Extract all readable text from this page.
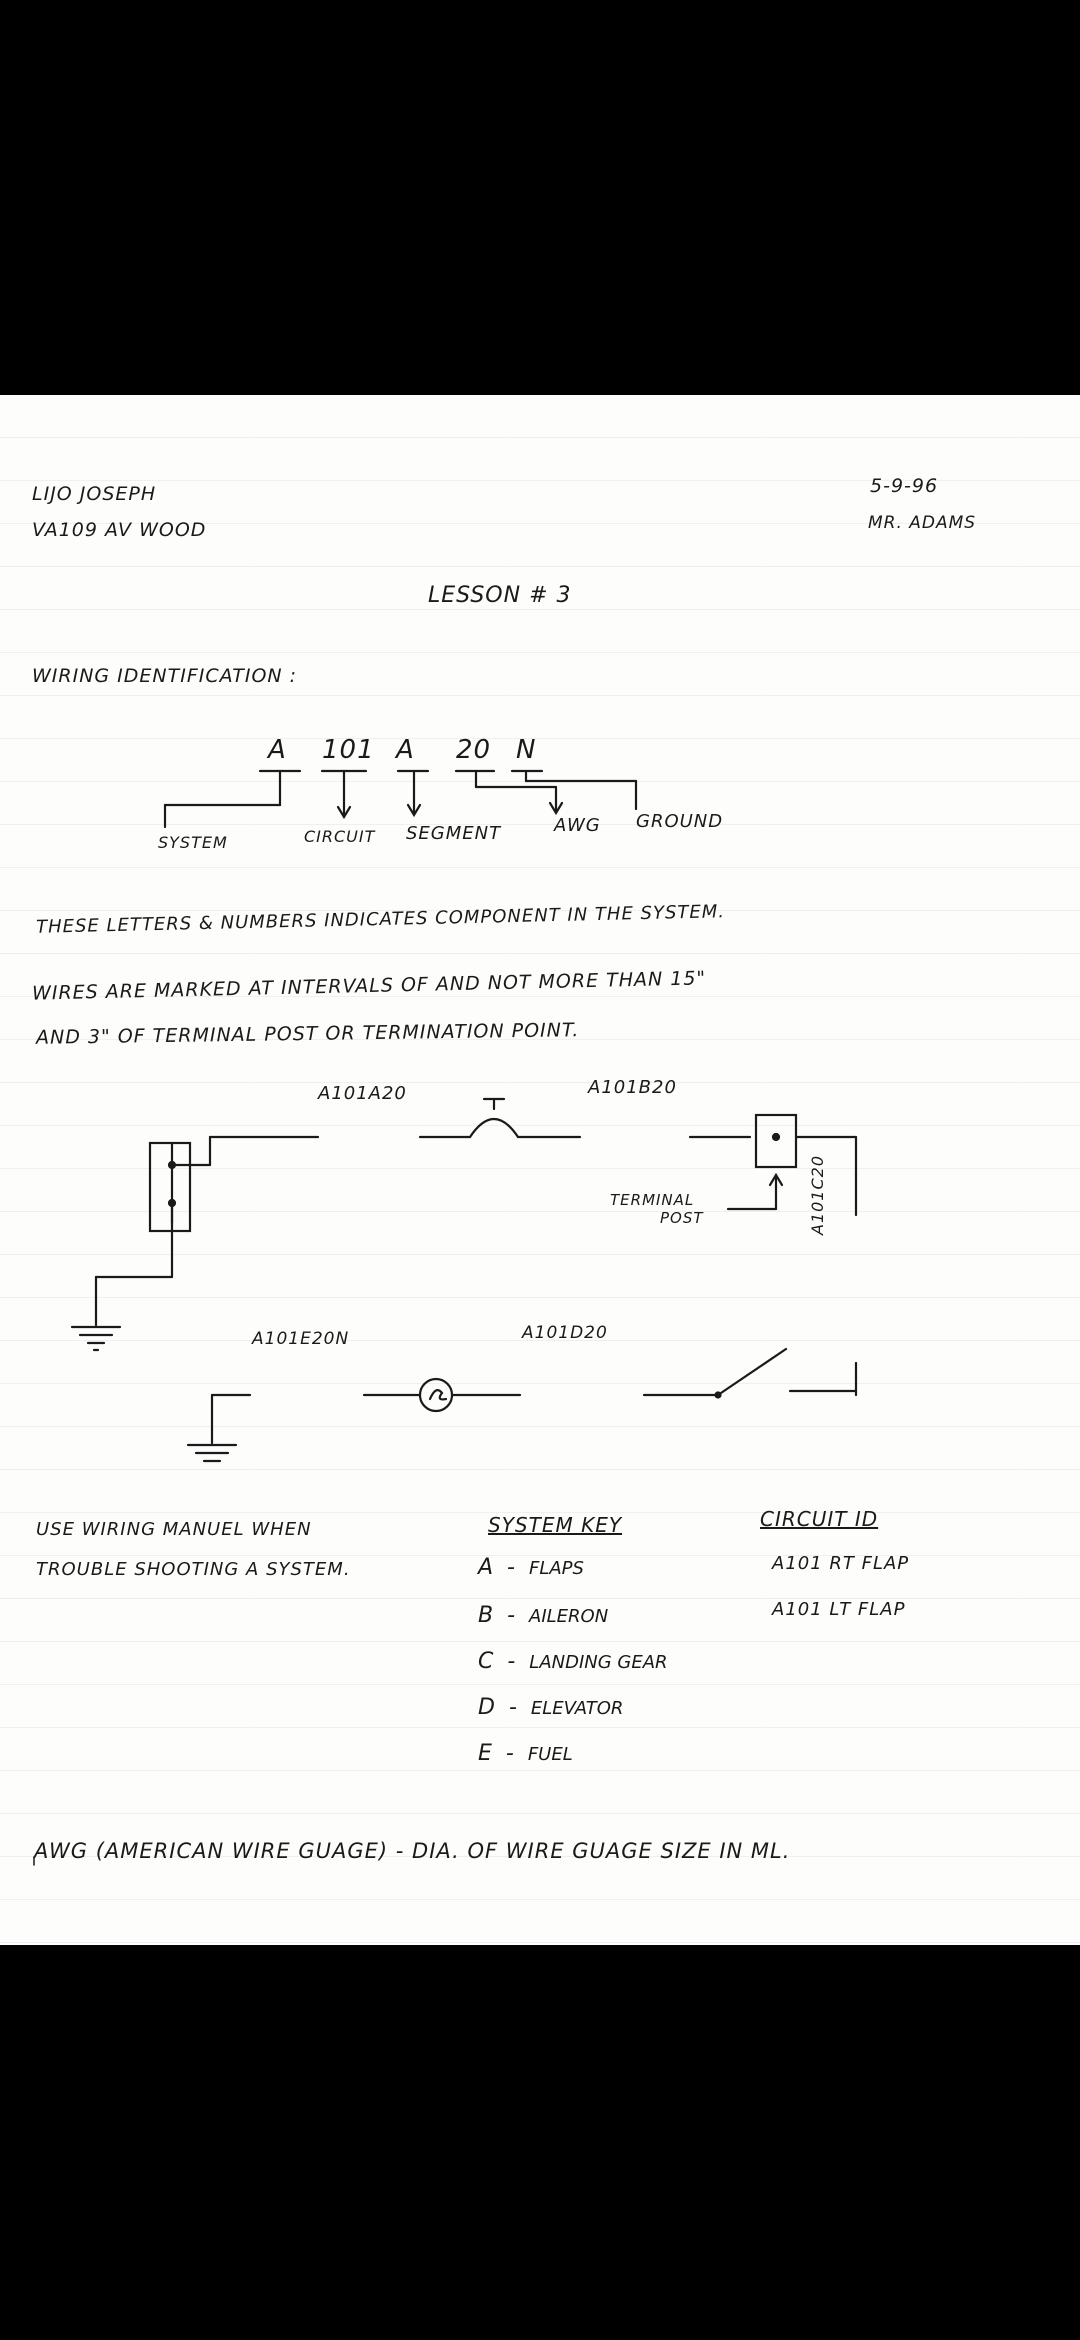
LIJO JOSEPH
VA109 AV WOOD
5-9-96
MR. ADAMS
LESSON # 3
WIRING IDENTIFICATION :
A 101 A 20 N
SYSTEM	CIRCUIT SEGMENT	AWG GROUND
THESE LETTERS & NUMBERS INDICATES COMPONENT IN THE SYSTEM.
WIRES ARE MARKED AT INTERVALS OF AND NOT MORE THAN 15"
AND 3" OF TERMINAL POST OR TERMINATION POINT.
A101A20	A101B20
TERMINAL
POST	A101C20
A101E20N	A101D20
USE WIRING MANUEL WHEN
TROUBLE SHOOTING A SYSTEM.
SYSTEM KEY
A  -  FLAPS
B  -  AILERON
C  -  LANDING GEAR
D  -  ELEVATOR
E  -  FUEL
CIRCUIT ID
A101 RT FLAP
A101 LT FLAP
AWG (AMERICAN WIRE GUAGE) - DIA. OF WIRE GUAGE SIZE IN ML.
